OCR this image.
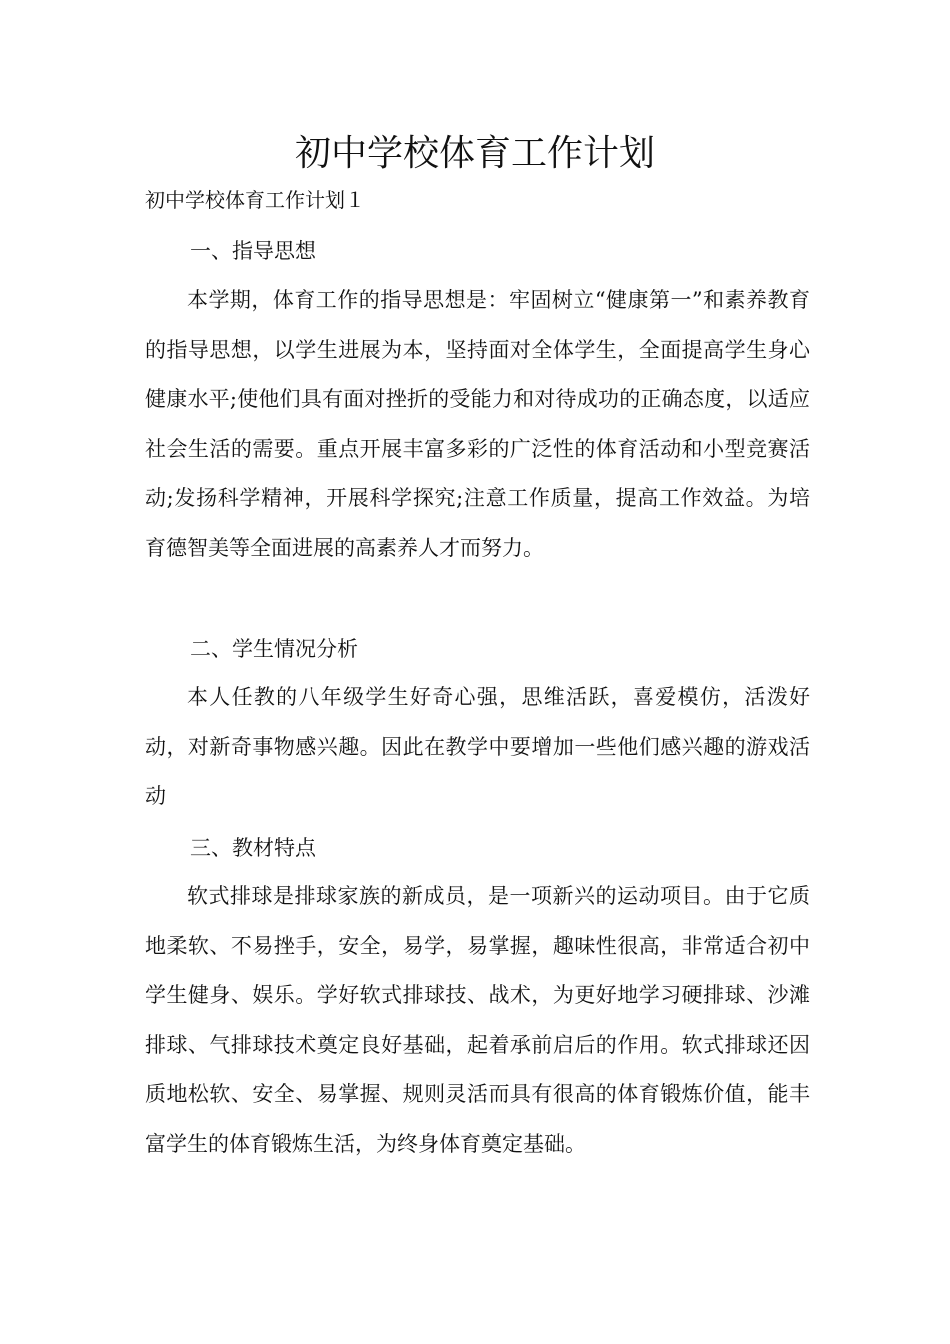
初中学校体育工作计划

初中学校体育工作计划１

一、指导思想

本学期，体育工作的指导思想是：牢固树立“健康第一”和素养教育的指导思想，以学生进展为本，坚持面对全体学生，全面提高学生身心健康水平;使他们具有面对挫折的受能力和对待成功的正确态度，以适应社会生活的需要。重点开展丰富多彩的广泛性的体育活动和小型竞赛活动;发扬科学精神，开展科学探究;注意工作质量，提高工作效益。为培育德智美等全面进展的高素养人才而努力。

二、学生情况分析

本人任教的八年级学生好奇心强，思维活跃，喜爱模仿，活泼好动，对新奇事物感兴趣。因此在教学中要增加一些他们感兴趣的游戏活动

三、教材特点

软式排球是排球家族的新成员，是一项新兴的运动项目。由于它质地柔软、不易挫手，安全，易学，易掌握，趣味性很高，非常适合初中学生健身、娱乐。学好软式排球技、战术，为更好地学习硬排球、沙滩排球、气排球技术奠定良好基础，起着承前启后的作用。软式排球还因质地松软、安全、易掌握、规则灵活而具有很高的体育锻炼价值，能丰富学生的体育锻炼生活，为终身体育奠定基础。
